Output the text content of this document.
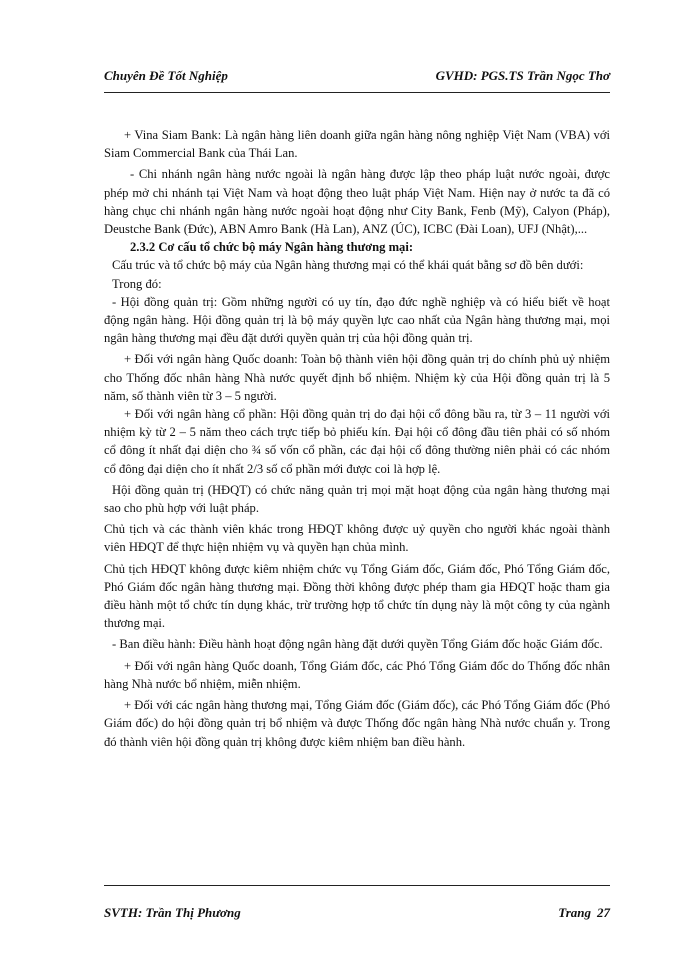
Chuyên Đề Tốt Nghiệp	GVHD: PGS.TS Trần Ngọc Thơ

+ Vina Siam Bank: Là ngân hàng liên doanh giữa ngân hàng nông nghiệp Việt Nam (VBA) với Siam Commercial Bank của Thái Lan.

- Chi nhánh ngân hàng nước ngoài là ngân hàng được lập theo pháp luật nước ngoài, được phép mở chi nhánh tại Việt Nam và hoạt động theo luật pháp Việt Nam. Hiện nay ở nước ta đã có hàng chục chi nhánh ngân hàng nước ngoài hoạt động như City Bank, Fenb (Mỹ), Calyon (Pháp), Deustche Bank (Đức), ABN Amro Bank (Hà Lan), ANZ (ÚC), ICBC (Đài Loan), UFJ (Nhật),...

2.3.2 Cơ cấu tổ chức bộ máy Ngân hàng thương mại:

Cấu trúc và tổ chức bộ máy của Ngân hàng thương mại có thể khái quát bằng sơ đồ bên dưới:

Trong đó:

- Hội đồng quản trị: Gồm những người có uy tín, đạo đức nghề nghiệp và có hiểu biết về hoạt động ngân hàng. Hội đồng quản trị là bộ máy quyền lực cao nhất của Ngân hàng thương mại, mọi ngân hàng thương mại đều đặt dưới quyền quản trị của hội đồng quản trị.

+ Đối với ngân hàng Quốc doanh: Toàn bộ thành viên hội đồng quản trị do chính phủ uỷ nhiệm cho Thống đốc nhân hàng Nhà nước quyết định bổ nhiệm. Nhiệm kỳ của Hội đồng quản trị là 5 năm, số thành viên từ 3 – 5 người.

+ Đối với ngân hàng cổ phần: Hội đồng quản trị do đại hội cổ đông bầu ra, từ 3 – 11 người với nhiệm kỳ từ 2 – 5 năm theo cách trực tiếp bỏ phiếu kín. Đại hội cổ đông đầu tiên phải có số nhóm cổ đông ít nhất đại diện cho ¾ số vốn cổ phần, các đại hội cổ đông thường niên phải có các nhóm cổ đông đại diện cho ít nhất 2/3 số cổ phần mới được coi là hợp lệ.

Hội đồng quản trị (HĐQT) có chức năng quản trị mọi mặt hoạt động của ngân hàng thương mại sao cho phù hợp với luật pháp.

Chủ tịch và các thành viên khác trong HĐQT không được uỷ quyền cho người khác ngoài thành viên HĐQT để thực hiện nhiệm vụ và quyền hạn chủa mình.

Chủ tịch HĐQT không được kiêm nhiệm chức vụ Tổng Giám đốc, Giám đốc, Phó Tổng Giám đốc, Phó Giám đốc ngân hàng thương mại. Đồng thời không được phép tham gia HĐQT hoặc tham gia điều hành một tổ chức tín dụng khác, trừ trường hợp tổ chức tín dụng này là một công ty của ngành thương mại.

- Ban điều hành: Điều hành hoạt động ngân hàng đặt dưới quyền Tổng Giám đốc hoặc Giám đốc.

+ Đối với ngân hàng Quốc doanh, Tổng Giám đốc, các Phó Tổng Giám đốc do Thống đốc nhân hàng Nhà nước bổ nhiệm, miễn nhiệm.

+ Đối với các ngân hàng thương mại, Tổng Giám đốc (Giám đốc), các Phó Tổng Giám đốc (Phó Giám đốc) do hội đồng quản trị bổ nhiệm và được Thống đốc ngân hàng Nhà nước chuẩn y. Trong đó thành viên hội đồng quản trị không được kiêm nhiệm ban điều hành.

SVTH: Trần Thị Phương	Trang 27
